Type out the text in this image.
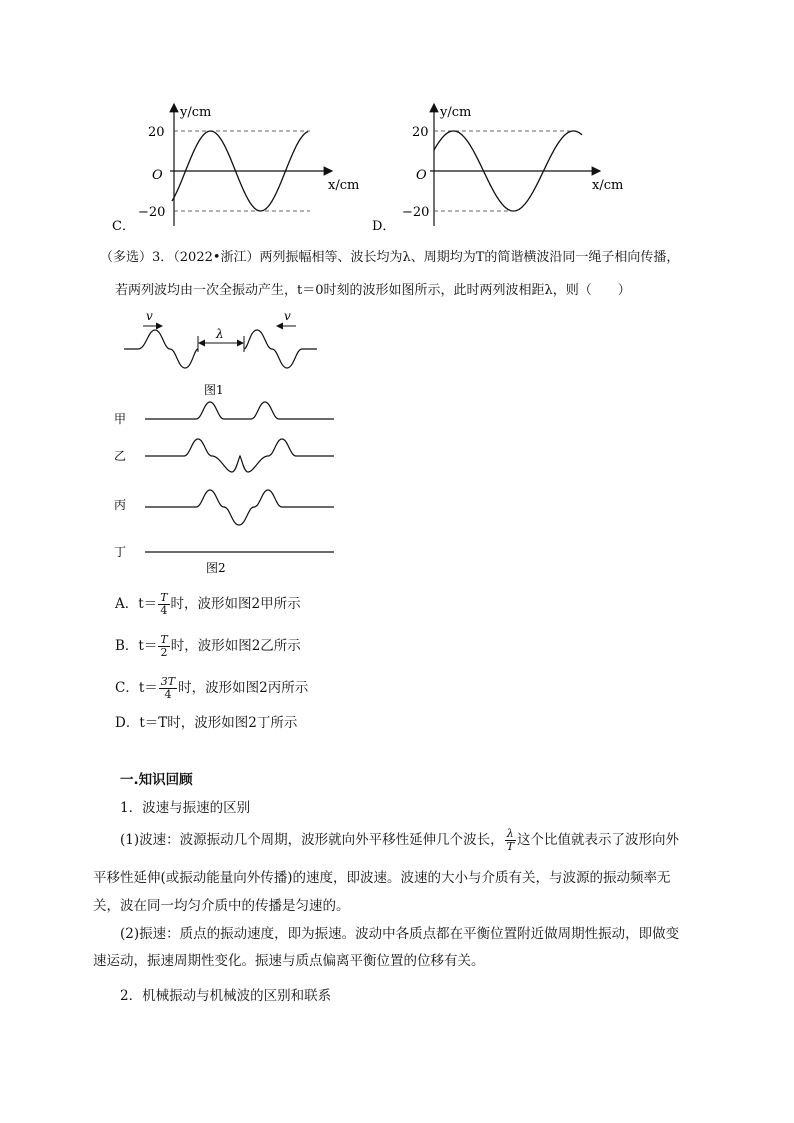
y/cm
x/cm
O
20
−20
C．
y/cm
x/cm
O
20
−20
D．
（多选）3．（2022•浙江）两列振幅相等、波长均为λ、周期均为T的简谐横波沿同一绳子相向传播，
若两列波均由一次全振动产生，t＝0时刻的波形如图所示，此时两列波相距λ，则（　　）
v	v
λ
图1
甲
乙
丙
丁
图2
A．$t= \frac{T}{4}$ 时，波形如图2甲所示
B．$t= \frac{T}{2}$ 时，波形如图2乙所示
C．$t= \frac{3T}{4}$ 时，波形如图2丙所示
D．t＝T时，波形如图2丁所示
一.知识回顾
1．波速与振速的区别
(1)波速：波源振动几个周期，波形就向外平移性延伸几个波长， $\frac{\lambda}{T}$ 这个比值就表示了波形向外
平移性延伸(或振动能量向外传播)的速度，即波速。波速的大小与介质有关，与波源的振动频率无
关，波在同一均匀介质中的传播是匀速的。
(2)振速：质点的振动速度，即为振速。波动中各质点都在平衡位置附近做周期性振动，即做变
速运动，振速周期性变化。振速与质点偏离平衡位置的位移有关。
2．机械振动与机械波的区别和联系
